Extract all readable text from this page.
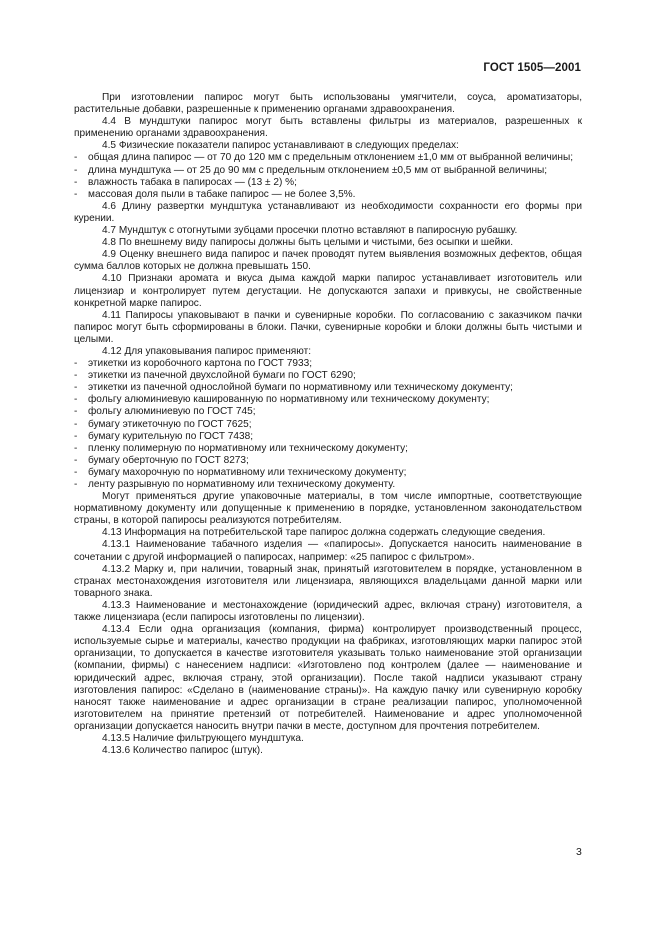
ГОСТ 1505—2001

При изготовлении папирос могут быть использованы умягчители, соуса, ароматизаторы, растительные добавки, разрешенные к применению органами здравоохранения.

4.4 В мундштуки папирос могут быть вставлены фильтры из материалов, разрешенных к применению органами здравоохранения.

4.5 Физические показатели папирос устанавливают в следующих пределах:

- общая длина папирос — от 70 до 120 мм с предельным отклонением ±1,0 мм от выбранной величины;

- длина мундштука — от 25 до 90 мм с предельным отклонением ±0,5 мм от выбранной величины;

- влажность табака в папиросах — (13 ± 2) %;

- массовая доля пыли в табаке папирос — не более 3,5%.

4.6 Длину развертки мундштука устанавливают из необходимости сохранности его формы при курении.

4.7 Мундштук с отогнутыми зубцами просечки плотно вставляют в папиросную рубашку.

4.8 По внешнему виду папиросы должны быть целыми и чистыми, без осыпки и шейки.

4.9 Оценку внешнего вида папирос и пачек проводят путем выявления возможных дефектов, общая сумма баллов которых не должна превышать 150.

4.10 Признаки аромата и вкуса дыма каждой марки папирос устанавливает изготовитель или лицензиар и контролирует путем дегустации. Не допускаются запахи и привкусы, не свойственные конкретной марке папирос.

4.11 Папиросы упаковывают в пачки и сувенирные коробки. По согласованию с заказчиком пачки папирос могут быть сформированы в блоки. Пачки, сувенирные коробки и блоки должны быть чистыми и целыми.

4.12 Для упаковывания папирос применяют:

- этикетки из коробочного картона по ГОСТ 7933;

- этикетки из пачечной двухслойной бумаги по ГОСТ 6290;

- этикетки из пачечной однослойной бумаги по нормативному или техническому документу;

- фольгу алюминиевую кашированную по нормативному или техническому документу;

- фольгу алюминиевую по ГОСТ 745;

- бумагу этикеточную по ГОСТ 7625;

- бумагу курительную по ГОСТ 7438;

- пленку полимерную по нормативному или техническому документу;

- бумагу оберточную по ГОСТ 8273;

- бумагу махорочную по нормативному или техническому документу;

- ленту разрывную по нормативному или техническому документу.

Могут применяться другие упаковочные материалы, в том числе импортные, соответствующие нормативному документу или допущенные к применению в порядке, установленном законодательством страны, в которой папиросы реализуются потребителям.

4.13 Информация на потребительской таре папирос должна содержать следующие сведения.

4.13.1 Наименование табачного изделия — «папиросы». Допускается наносить наименование в сочетании с другой информацией о папиросах, например: «25 папирос с фильтром».

4.13.2 Марку и, при наличии, товарный знак, принятый изготовителем в порядке, установленном в странах местонахождения изготовителя или лицензиара, являющихся владельцами данной марки или товарного знака.

4.13.3 Наименование и местонахождение (юридический адрес, включая страну) изготовителя, а также лицензиара (если папиросы изготовлены по лицензии).

4.13.4 Если одна организация (компания, фирма) контролирует производственный процесс, используемые сырье и материалы, качество продукции на фабриках, изготовляющих марки папирос этой организации, то допускается в качестве изготовителя указывать только наименование этой организации (компании, фирмы) с нанесением надписи: «Изготовлено под контролем (далее — наименование и юридический адрес, включая страну, этой организации). После такой надписи указывают страну изготовления папирос: «Сделано в (наименование страны)». На каждую пачку или сувенирную коробку наносят также наименование и адрес организации в стране реализации папирос, уполномоченной изготовителем на принятие претензий от потребителей. Наименование и адрес уполномоченной организации допускается наносить внутри пачки в месте, доступном для прочтения потребителем.

4.13.5 Наличие фильтрующего мундштука.

4.13.6 Количество папирос (штук).

3
